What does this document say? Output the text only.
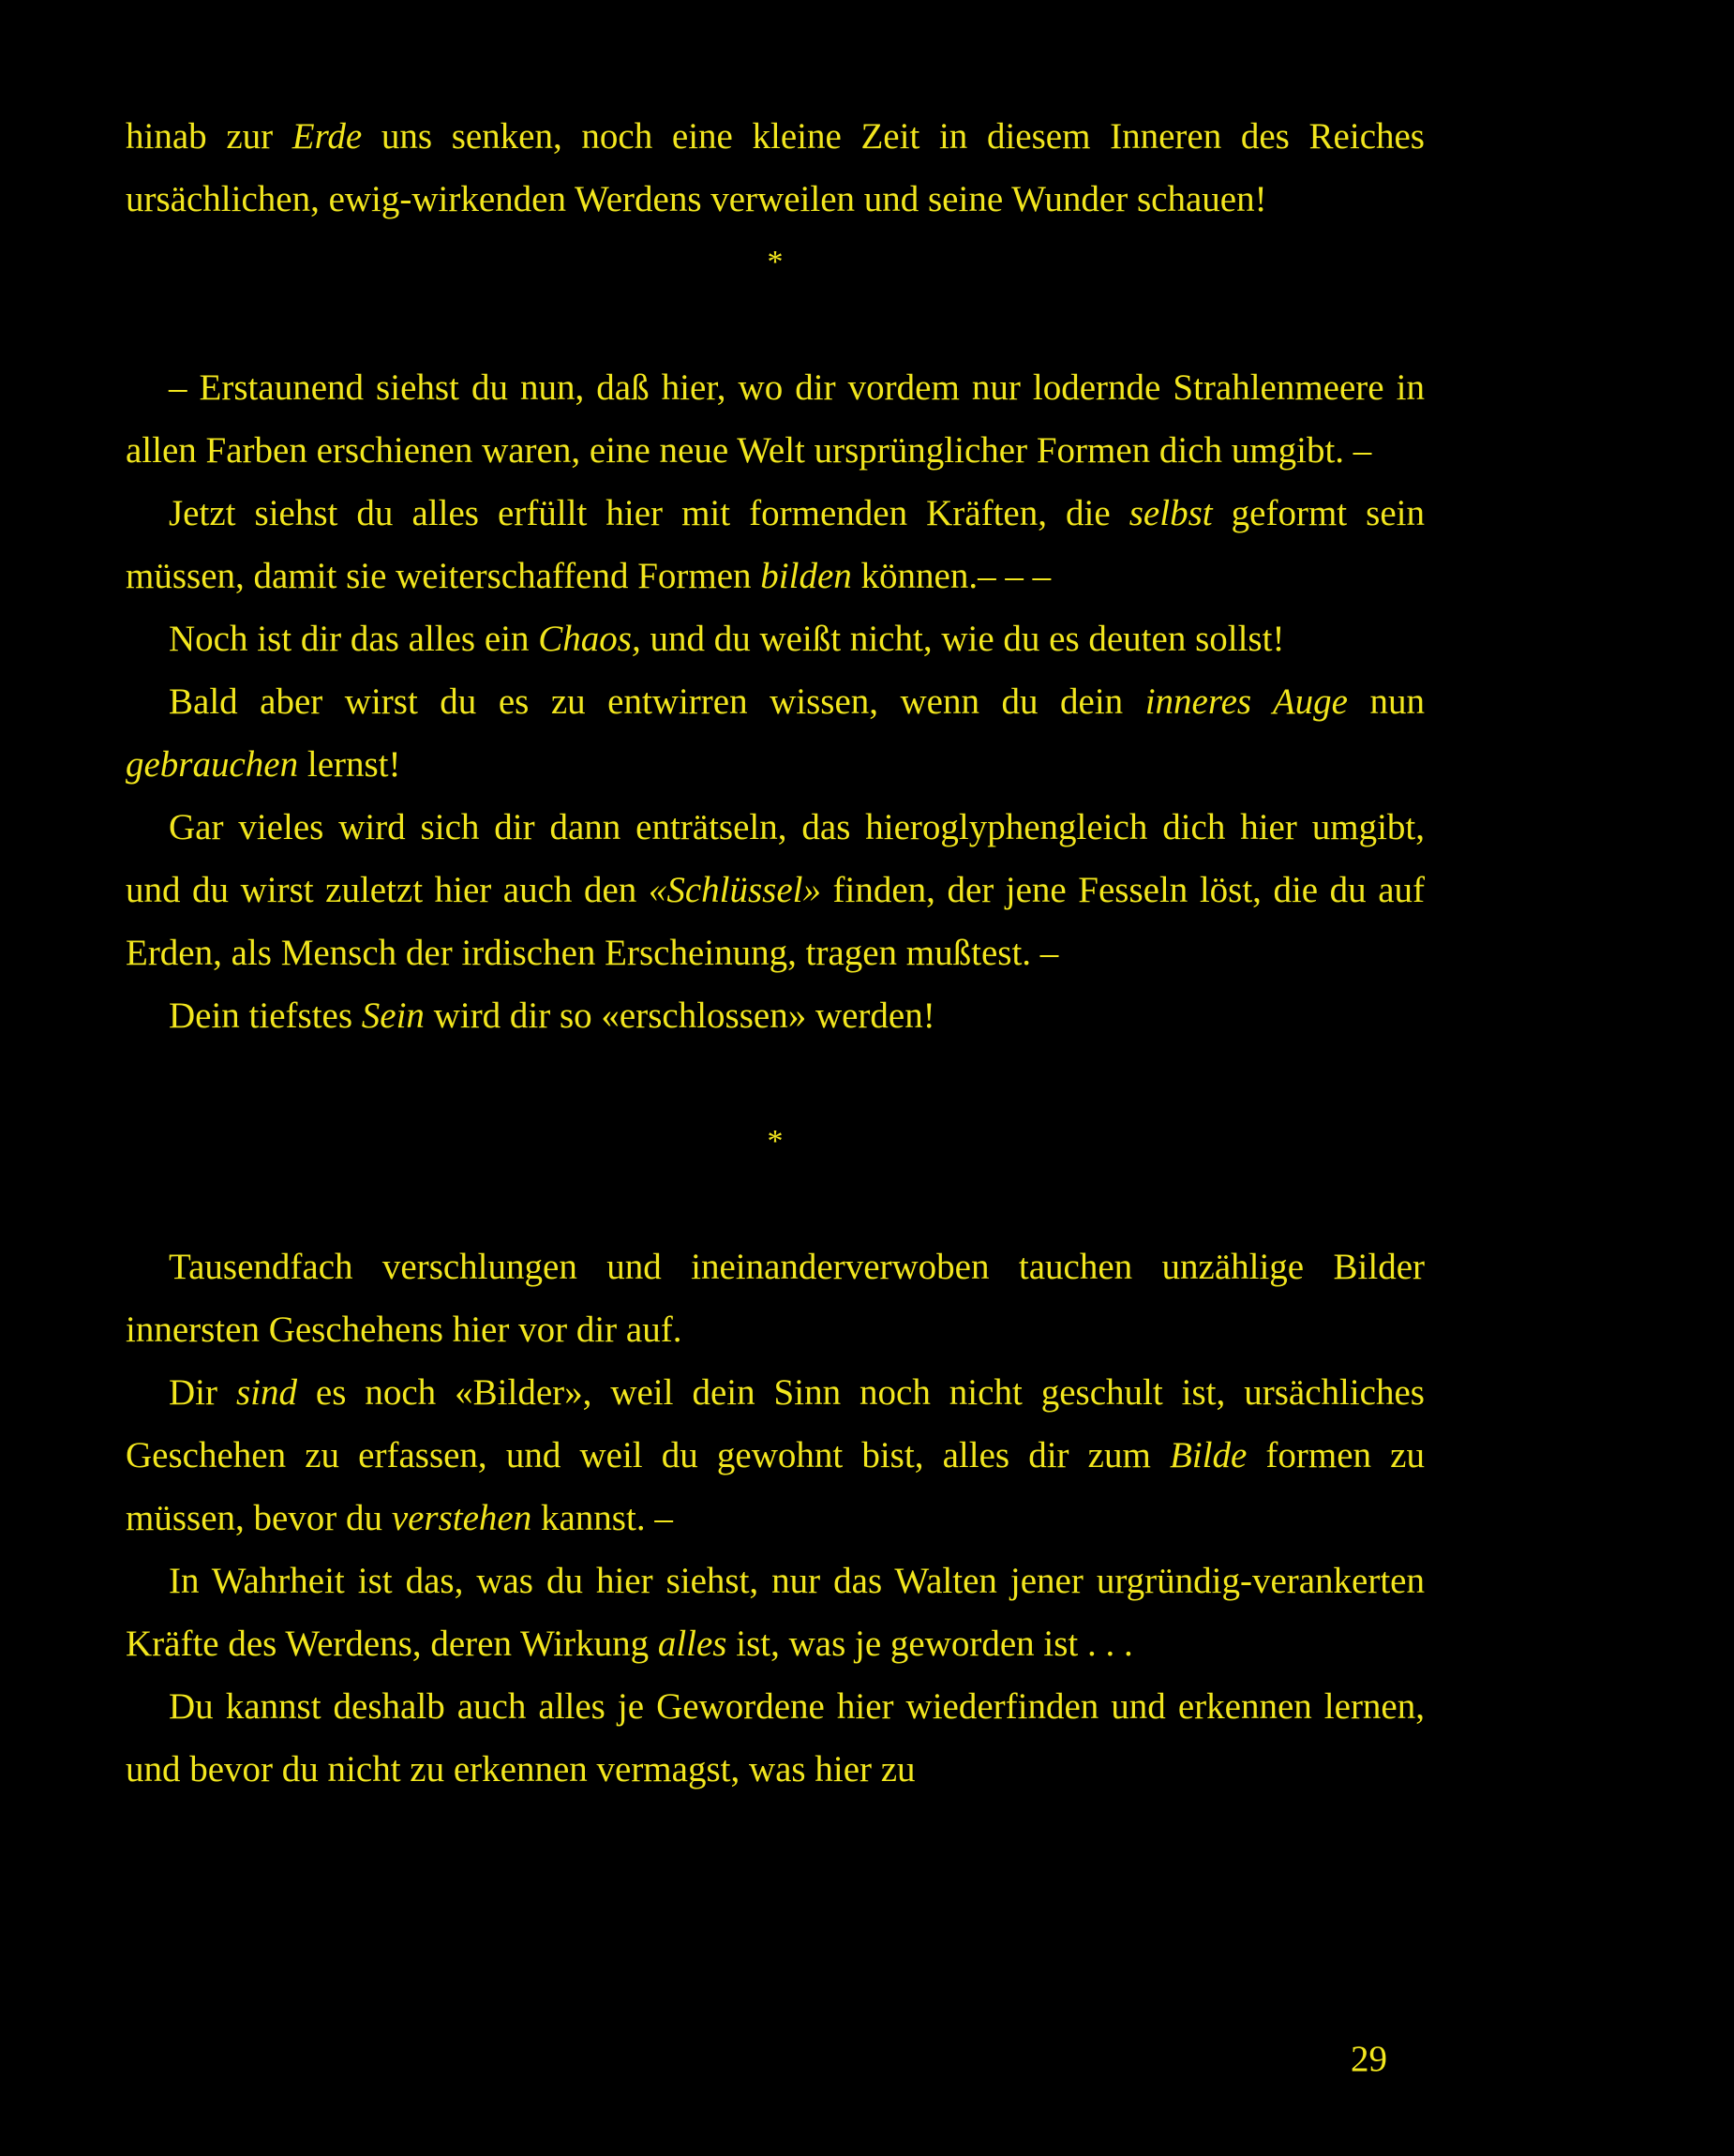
hinab zur Erde uns senken, noch eine kleine Zeit in diesem Inneren des Reiches ursächlichen, ewig-wirkenden Werdens verweilen und seine Wunder schauen!

*

– Erstaunend siehst du nun, daß hier, wo dir vordem nur lodernde Strahlenmeere in allen Farben erschienen waren, eine neue Welt ursprünglicher Formen dich umgibt. –

Jetzt siehst du alles erfüllt hier mit formenden Kräften, die selbst geformt sein müssen, damit sie weiterschaffend Formen bilden können.– – –

Noch ist dir das alles ein Chaos, und du weißt nicht, wie du es deuten sollst!

Bald aber wirst du es zu entwirren wissen, wenn du dein inneres Auge nun gebrauchen lernst!

Gar vieles wird sich dir dann enträtseln, das hieroglyphengleich dich hier umgibt, und du wirst zuletzt hier auch den «Schlüssel» finden, der jene Fesseln löst, die du auf Erden, als Mensch der irdischen Erscheinung, tragen mußtest. –

Dein tiefstes Sein wird dir so «erschlossen» werden!

*

Tausendfach verschlungen und ineinanderverwoben tauchen unzählige Bilder innersten Geschehens hier vor dir auf.

Dir sind es noch «Bilder», weil dein Sinn noch nicht geschult ist, ursächliches Geschehen zu erfassen, und weil du gewohnt bist, alles dir zum Bilde formen zu müssen, bevor du verstehen kannst. –

In Wahrheit ist das, was du hier siehst, nur das Walten jener urgründig-verankerten Kräfte des Werdens, deren Wirkung alles ist, was je geworden ist . . .

Du kannst deshalb auch alles je Gewordene hier wiederfinden und erkennen lernen, und bevor du nicht zu erkennen vermagst, was hier zu

29
